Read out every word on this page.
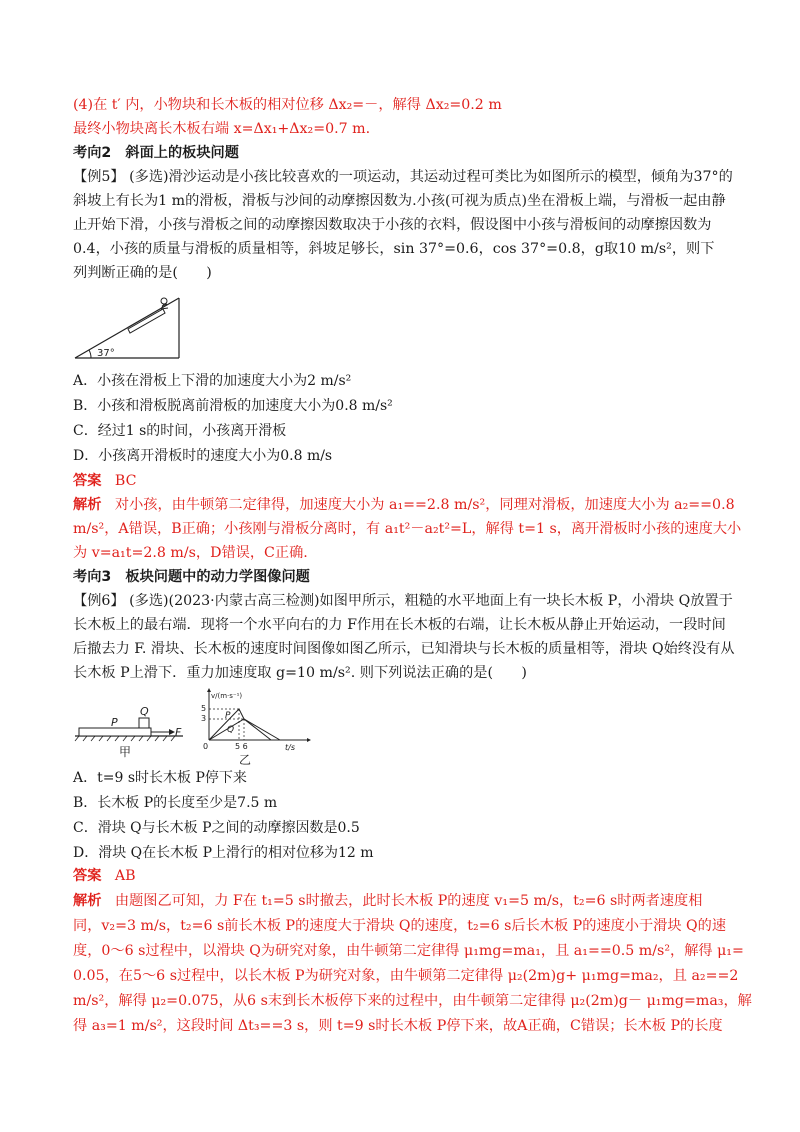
(4)在 t′ 内，小物块和长木板的相对位移 Δx₂=－，解得 Δx₂=0.2 m
最终小物块离长木板右端 x=Δx₁+Δx₂=0.7 m.
考向2　斜面上的板块问题
【例5】 (多选)滑沙运动是小孩比较喜欢的一项运动，其运动过程可类比为如图所示的模型，倾角为37°的
斜坡上有长为1 m的滑板，滑板与沙间的动摩擦因数为.小孩(可视为质点)坐在滑板上端，与滑板一起由静
止开始下滑，小孩与滑板之间的动摩擦因数取决于小孩的衣料，假设图中小孩与滑板间的动摩擦因数为
0.4，小孩的质量与滑板的质量相等，斜坡足够长，sin 37°=0.6，cos 37°=0.8，g取10 m/s²，则下
列判断正确的是(　　)
37°
A．小孩在滑板上下滑的加速度大小为2 m/s²
B．小孩和滑板脱离前滑板的加速度大小为0.8 m/s²
C．经过1 s的时间，小孩离开滑板
D．小孩离开滑板时的速度大小为0.8 m/s
答案 BC
解析 对小孩，由牛顿第二定律得，加速度大小为 a₁==2.8 m/s²，同理对滑板，加速度大小为 a₂==0.8
m/s²，A错误，B正确；小孩刚与滑板分离时，有 a₁t²－a₂t²=L，解得 t=1 s，离开滑板时小孩的速度大小
为 v=a₁t=2.8 m/s，D错误，C正确.
考向3　板块问题中的动力学图像问题
【例6】 (多选)(2023·内蒙古高三检测)如图甲所示，粗糙的水平地面上有一块长木板 P，小滑块 Q放置于
长木板上的最右端．现将一个水平向右的力 F作用在长木板的右端，让长木板从静止开始运动，一段时间
后撤去力 F. 滑块、长木板的速度时间图像如图乙所示，已知滑块与长木板的质量相等，滑块 Q始终没有从
长木板 P上滑下．重力加速度取 g=10 m/s². 则下列说法正确的是(　　)
P
Q
F
甲
v/(m·s⁻¹)
5
3
0	5 6	t/s
P
Q
乙
A．t=9 s时长木板 P停下来
B．长木板 P的长度至少是7.5 m
C．滑块 Q与长木板 P之间的动摩擦因数是0.5
D．滑块 Q在长木板 P上滑行的相对位移为12 m
答案 AB
解析 由题图乙可知，力 F在 t₁=5 s时撤去，此时长木板 P的速度 v₁=5 m/s，t₂=6 s时两者速度相
同，v₂=3 m/s，t₂=6 s前长木板 P的速度大于滑块 Q的速度，t₂=6 s后长木板 P的速度小于滑块 Q的速
度，0～6 s过程中，以滑块 Q为研究对象，由牛顿第二定律得 μ₁mg=ma₁，且 a₁==0.5 m/s²，解得 μ₁=
0.05，在5～6 s过程中，以长木板 P为研究对象，由牛顿第二定律得 μ₂(2m)g+ μ₁mg=ma₂，且 a₂==2
m/s²，解得 μ₂=0.075，从6 s末到长木板停下来的过程中，由牛顿第二定律得 μ₂(2m)g－ μ₁mg=ma₃，解
得 a₃=1 m/s²，这段时间 Δt₃==3 s，则 t=9 s时长木板 P停下来，故A正确，C错误；长木板 P的长度
